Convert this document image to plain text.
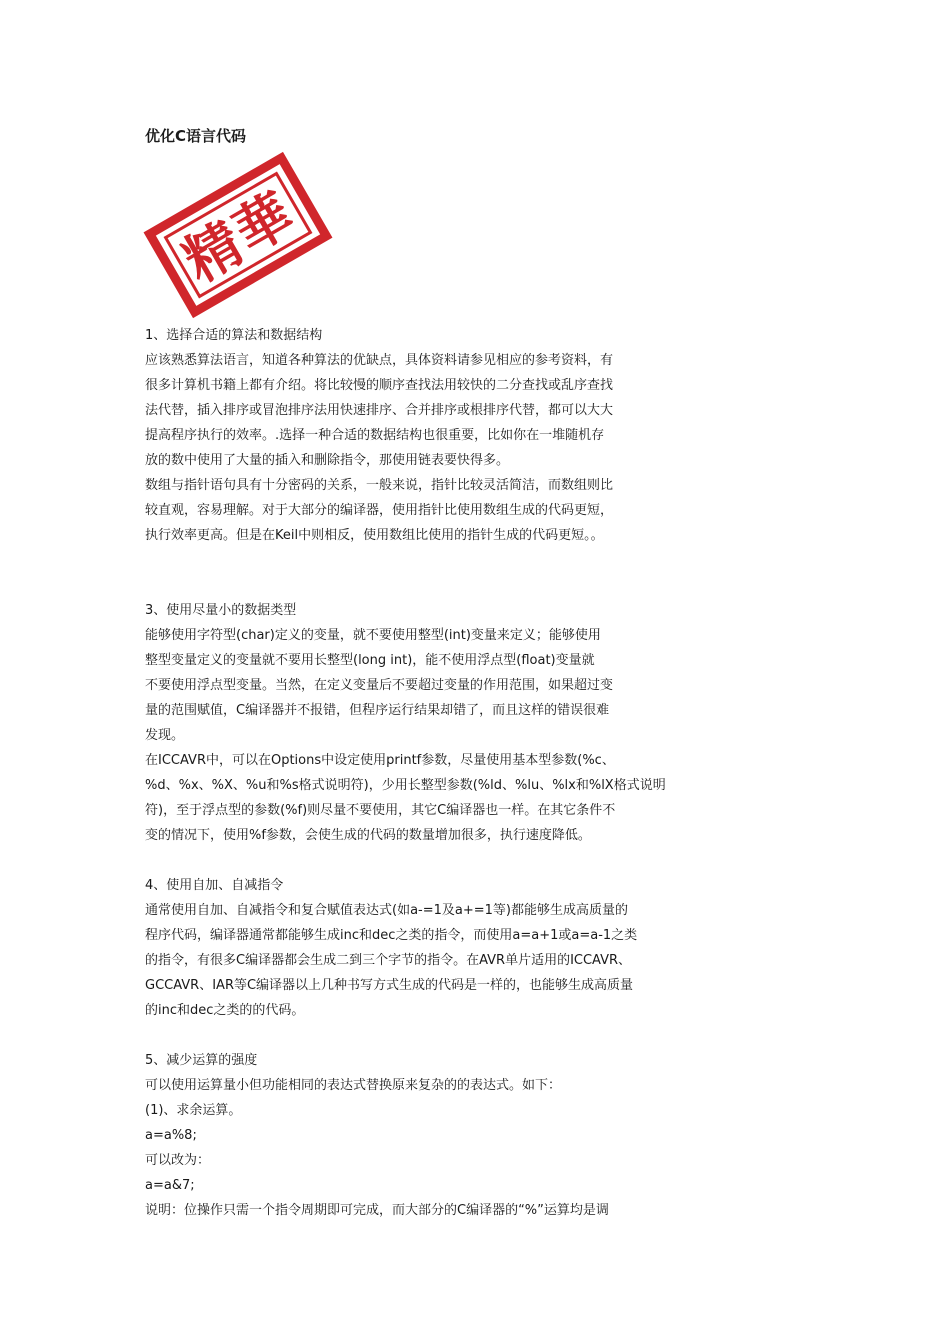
优化C语言代码
精華
1、选择合适的算法和数据结构
应该熟悉算法语言，知道各种算法的优缺点，具体资料请参见相应的参考资料，有
很多计算机书籍上都有介绍。将比较慢的顺序查找法用较快的二分查找或乱序查找
法代替，插入排序或冒泡排序法用快速排序、合并排序或根排序代替，都可以大大
提高程序执行的效率。.选择一种合适的数据结构也很重要，比如你在一堆随机存
放的数中使用了大量的插入和删除指令，那使用链表要快得多。
数组与指针语句具有十分密码的关系，一般来说，指针比较灵活简洁，而数组则比
较直观，容易理解。对于大部分的编译器，使用指针比使用数组生成的代码更短，
执行效率更高。但是在Keil中则相反，使用数组比使用的指针生成的代码更短。。
3、使用尽量小的数据类型
能够使用字符型(char)定义的变量，就不要使用整型(int)变量来定义；能够使用
整型变量定义的变量就不要用长整型(long int)，能不使用浮点型(float)变量就
不要使用浮点型变量。当然，在定义变量后不要超过变量的作用范围，如果超过变
量的范围赋值，C编译器并不报错，但程序运行结果却错了，而且这样的错误很难
发现。
在ICCAVR中，可以在Options中设定使用printf参数，尽量使用基本型参数(%c、
%d、%x、%X、%u和%s格式说明符)，少用长整型参数(%ld、%lu、%lx和%lX格式说明
符)，至于浮点型的参数(%f)则尽量不要使用，其它C编译器也一样。在其它条件不
变的情况下，使用%f参数，会使生成的代码的数量增加很多，执行速度降低。
4、使用自加、自减指令
通常使用自加、自减指令和复合赋值表达式(如a-=1及a+=1等)都能够生成高质量的
程序代码，编译器通常都能够生成inc和dec之类的指令，而使用a=a+1或a=a-1之类
的指令，有很多C编译器都会生成二到三个字节的指令。在AVR单片适用的ICCAVR、
GCCAVR、IAR等C编译器以上几种书写方式生成的代码是一样的，也能够生成高质量
的inc和dec之类的的代码。
5、减少运算的强度
可以使用运算量小但功能相同的表达式替换原来复杂的的表达式。如下：
(1)、求余运算。
a=a%8;
可以改为：
a=a&7;
说明：位操作只需一个指令周期即可完成，而大部分的C编译器的“%”运算均是调
